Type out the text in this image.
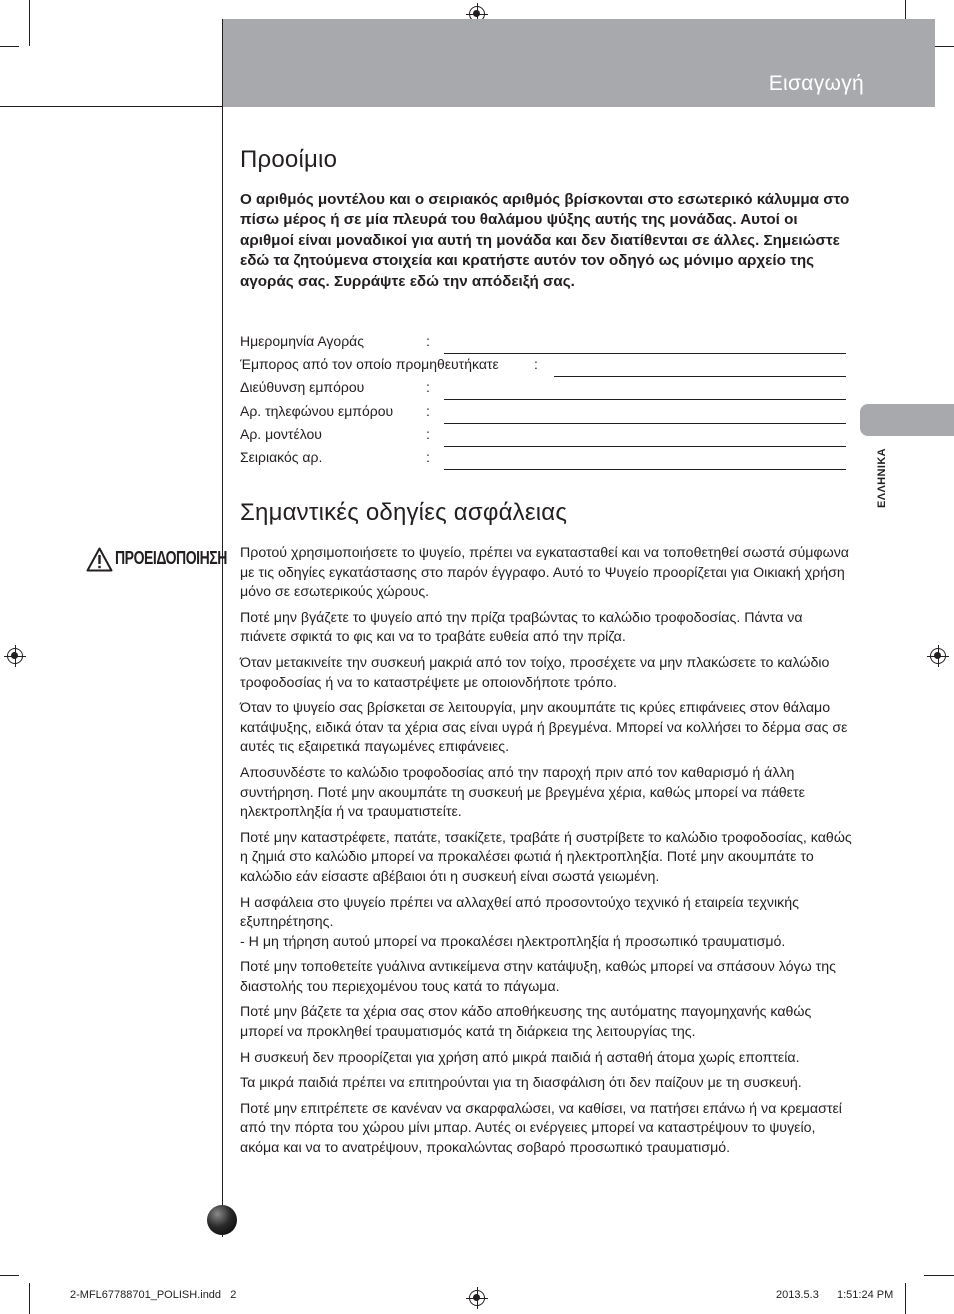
Εισαγωγή
ΕΛΛΗΝΙΚΑ
Προοίμιο
Ο αριθμός μοντέλου και ο σειριακός αριθμός βρίσκονται στο εσωτερικό κάλυμμα στο πίσω μέρος ή σε μία πλευρά του θαλάμου ψύξης αυτής της μονάδας. Αυτοί οι αριθμοί είναι μοναδικοί για αυτή τη μονάδα και δεν διατίθενται σε άλλες. Σημειώστε εδώ τα ζητούμενα στοιχεία και κρατήστε αυτόν τον οδηγό ως μόνιμο αρχείο της αγοράς σας. Συρράψτε εδώ την απόδειξή σας.
Ημερομηνία Αγοράς	:
Έμπορος από τον οποίο προμηθευτήκατε	:
Διεύθυνση εμπόρου	:
Αρ. τηλεφώνου εμπόρου :
Αρ. μοντέλου	:
Σειριακός αρ.	:
Σημαντικές οδηγίες ασφάλειας
ΠΡΟΕΙΔΟΠΟΙΗΣΗ Προτού χρησιμοποιήσετε το ψυγείο, πρέπει να εγκατασταθεί και να τοποθετηθεί σωστά σύμφωνα με τις οδηγίες εγκατάστασης στο παρόν έγγραφο. Αυτό το Ψυγείο προορίζεται για Οικιακή χρήση μόνο σε εσωτερικούς χώρους.

Ποτέ μην βγάζετε το ψυγείο από την πρίζα τραβώντας το καλώδιο τροφοδοσίας. Πάντα να πιάνετε σφικτά το φις και να το τραβάτε ευθεία από την πρίζα.

Όταν μετακινείτε την συσκευή μακριά από τον τοίχο, προσέχετε να μην πλακώσετε το καλώδιο τροφοδοσίας ή να το καταστρέψετε με οποιονδήποτε τρόπο.

Όταν το ψυγείο σας βρίσκεται σε λειτουργία, μην ακουμπάτε τις κρύες επιφάνειες στον θάλαμο κατάψυξης, ειδικά όταν τα χέρια σας είναι υγρά ή βρεγμένα. Μπορεί να κολλήσει το δέρμα σας σε αυτές τις εξαιρετικά παγωμένες επιφάνειες.

Αποσυνδέστε το καλώδιο τροφοδοσίας από την παροχή πριν από τον καθαρισμό ή άλλη συντήρηση. Ποτέ μην ακουμπάτε τη συσκευή με βρεγμένα χέρια, καθώς μπορεί να πάθετε ηλεκτροπληξία ή να τραυματιστείτε.

Ποτέ μην καταστρέφετε, πατάτε, τσακίζετε, τραβάτε ή συστρίβετε το καλώδιο τροφοδοσίας, καθώς η ζημιά στο καλώδιο μπορεί να προκαλέσει φωτιά ή ηλεκτροπληξία. Ποτέ μην ακουμπάτε το καλώδιο εάν είσαστε αβέβαιοι ότι η συσκευή είναι σωστά γειωμένη.

Η ασφάλεια στο ψυγείο πρέπει να αλλαχθεί από προσοντούχο τεχνικό ή εταιρεία τεχνικής εξυπηρέτησης.
- Η μη τήρηση αυτού μπορεί να προκαλέσει ηλεκτροπληξία ή προσωπικό τραυματισμό.

Ποτέ μην τοποθετείτε γυάλινα αντικείμενα στην κατάψυξη, καθώς μπορεί να σπάσουν λόγω της διαστολής του περιεχομένου τους κατά το πάγωμα.

Ποτέ μην βάζετε τα χέρια σας στον κάδο αποθήκευσης της αυτόματης παγομηχανής καθώς μπορεί να προκληθεί τραυματισμός κατά τη διάρκεια της λειτουργίας της.

Η συσκευή δεν προορίζεται για χρήση από μικρά παιδιά ή ασταθή άτομα χωρίς εποπτεία.

Τα μικρά παιδιά πρέπει να επιτηρούνται για τη διασφάλιση ότι δεν παίζουν με τη συσκευή.

Ποτέ μην επιτρέπετε σε κανέναν να σκαρφαλώσει, να καθίσει, να πατήσει επάνω ή να κρεμαστεί από την πόρτα του χώρου μίνι μπαρ. Αυτές οι ενέργειες μπορεί να καταστρέψουν το ψυγείο, ακόμα και να το ανατρέψουν, προκαλώντας σοβαρό προσωπικό τραυματισμό.

2-MFL67788701_POLISH.indd   2	2013.5.3 1:51:24 PM
